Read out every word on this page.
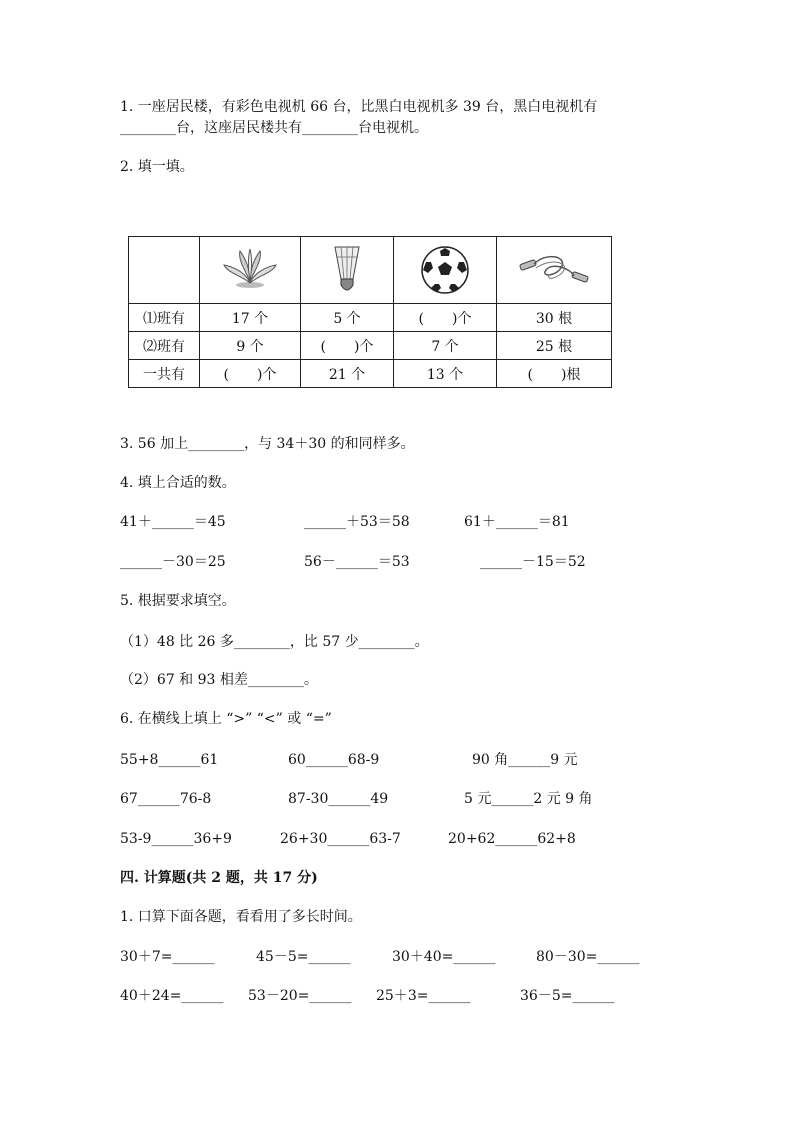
1. 一座居民楼，有彩色电视机 66 台，比黑白电视机多 39 台，黑白电视机有
________台，这座居民楼共有________台电视机。
2. 填一填。

⑴班有	17 个	5 个	(　　)个	30 根
⑵班有	9 个	(　　)个	7 个	25 根
一共有	(　　)个	21 个	13 个	(　　)根
3. 56 加上________，与 34＋30 的和同样多。
4. 填上合适的数。
41＋______＝45	______＋53＝58	61＋______＝81
______－30＝25	56－______＝53	______－15＝52
5. 根据要求填空。
（1）48 比 26 多________，比 57 少________。
（2）67 和 93 相差________。
6. 在横线上填上 “>” “<” 或 “=”
55+8______61	60______68-9	90 角______9 元
67______76-8	87-30______49	5 元______2 元 9 角
53-9______36+9	26+30______63-7	20+62______62+8
四. 计算题(共 2 题，共 17 分)
1. 口算下面各题，看看用了多长时间。
30＋7=______	45－5=______	30＋40=______	80－30=______
40＋24=______ 53－20=______ 25＋3=______	36－5=______
